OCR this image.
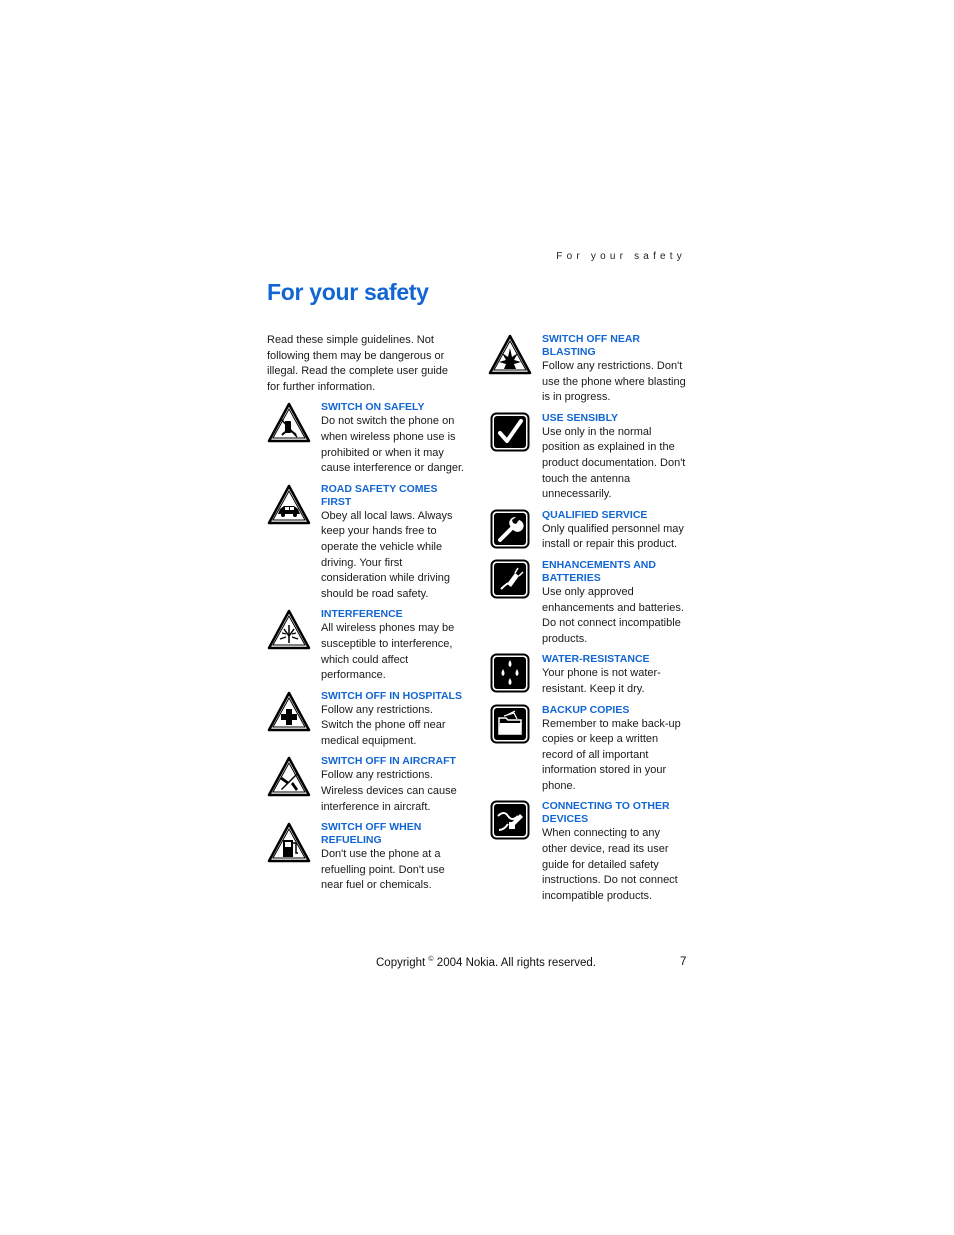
For your safety
For your safety

Read these simple guidelines. Not following them may be dangerous or illegal. Read the complete user guide for further information.

SWITCH ON SAFELY

Do not switch the phone on when wireless phone use is prohibited or when it may cause interference or danger.

ROAD SAFETY COMES FIRST

Obey all local laws. Always keep your hands free to operate the vehicle while driving. Your first consideration while driving should be road safety.

INTERFERENCE

All wireless phones may be susceptible to interference, which could affect performance.

SWITCH OFF IN HOSPITALS

Follow any restrictions. Switch the phone off near medical equipment.

SWITCH OFF IN AIRCRAFT

Follow any restrictions. Wireless devices can cause interference in aircraft.

SWITCH OFF WHEN REFUELING

Don't use the phone at a refuelling point. Don't use near fuel or chemicals.

SWITCH OFF NEAR BLASTING

Follow any restrictions. Don't use the phone where blasting is in progress.

USE SENSIBLY

Use only in the normal position as explained in the product documentation. Don't touch the antenna unnecessarily.

QUALIFIED SERVICE

Only qualified personnel may install or repair this product.

ENHANCEMENTS AND BATTERIES

Use only approved enhancements and batteries. Do not connect incompatible products.

WATER-RESISTANCE

Your phone is not water-resistant. Keep it dry.

BACKUP COPIES

Remember to make back-up copies or keep a written record of all important information stored in your phone.

CONNECTING TO OTHER DEVICES

When connecting to any other device, read its user guide for detailed safety instructions. Do not connect incompatible products.

Copyright © 2004 Nokia. All rights reserved.	7
